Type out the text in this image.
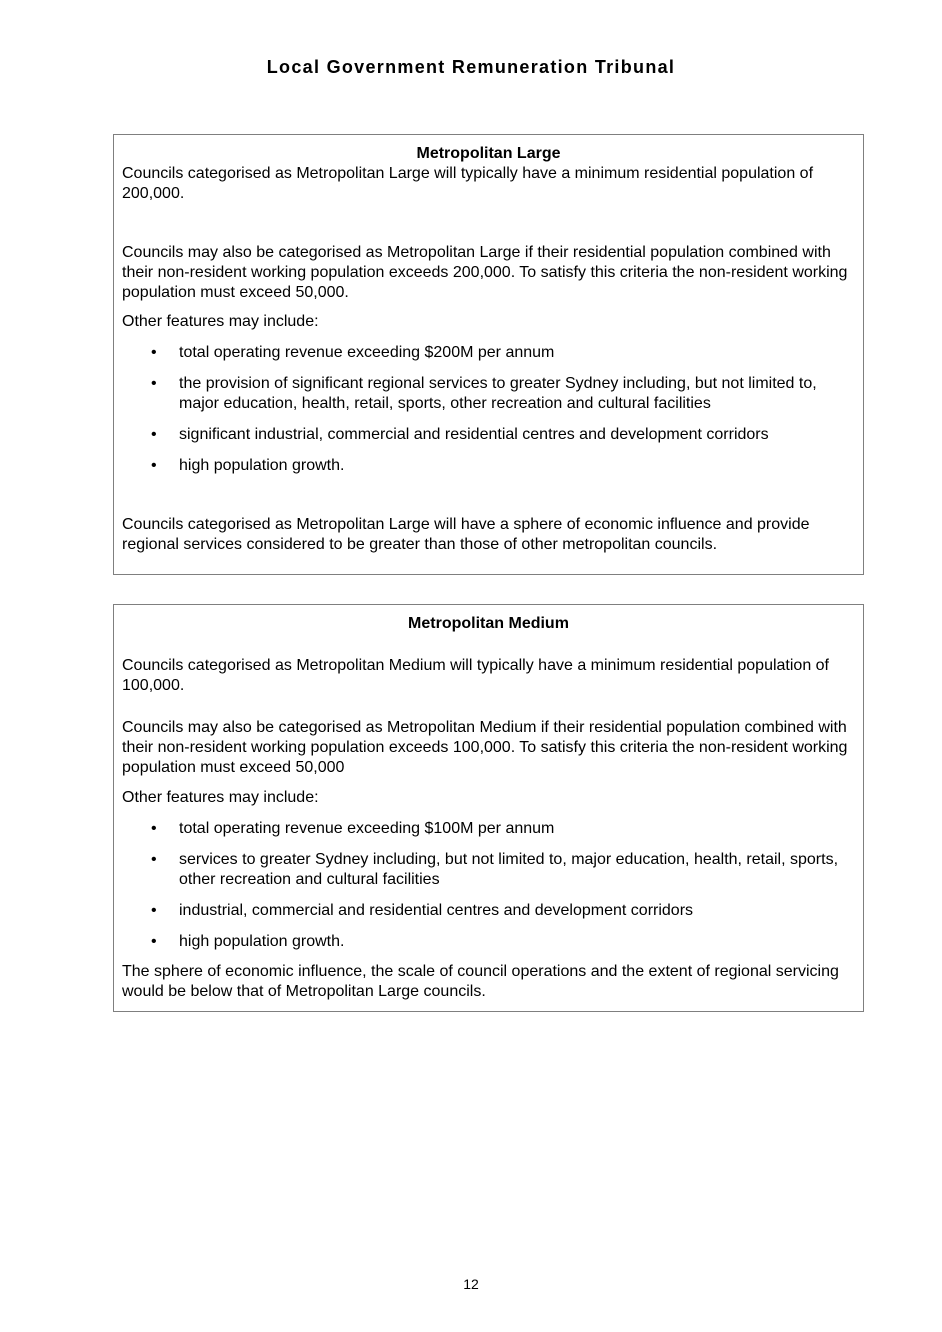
Local Government Remuneration Tribunal

Metropolitan Large

Councils categorised as Metropolitan Large will typically have a minimum residential population of 200,000.

Councils may also be categorised as Metropolitan Large if their residential population combined with their non-resident working population exceeds 200,000. To satisfy this criteria the non-resident working population must exceed 50,000.

Other features may include:

• total operating revenue exceeding $200M per annum
• the provision of significant regional services to greater Sydney including, but not limited to, major education, health, retail, sports, other recreation and cultural facilities
• significant industrial, commercial and residential centres and development corridors
• high population growth.

Councils categorised as Metropolitan Large will have a sphere of economic influence and provide regional services considered to be greater than those of other metropolitan councils.

Metropolitan Medium

Councils categorised as Metropolitan Medium will typically have a minimum residential population of 100,000.

Councils may also be categorised as Metropolitan Medium if their residential population combined with their non-resident working population exceeds 100,000. To satisfy this criteria the non-resident working population must exceed 50,000

Other features may include:

• total operating revenue exceeding $100M per annum
• services to greater Sydney including, but not limited to, major education, health, retail, sports, other recreation and cultural facilities
• industrial, commercial and residential centres and development corridors
• high population growth.

The sphere of economic influence, the scale of council operations and the extent of regional servicing would be below that of Metropolitan Large councils.

12
